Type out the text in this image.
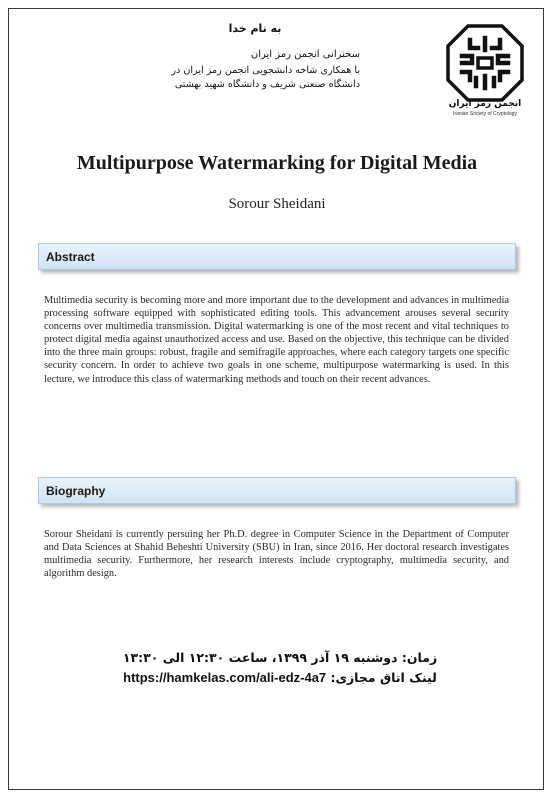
به نام خدا
سخنرانی انجمن رمز ایران
با همکاری شاخه دانشجویی انجمن رمز ایران در دانشگاه صنعتی شریف و دانشگاه شهید بهشتی
انجمن رمز ایران
Iranian Society of Cryptology
Multipurpose Watermarking for Digital Media
Sorour Sheidani
Abstract
Multimedia security is becoming more and more important due to the development and advances in multimedia processing software equipped with sophisticated editing tools. This advancement arouses several security concerns over multimedia transmission. Digital watermarking is one of the most recent and vital techniques to protect digital media against unauthorized access and use. Based on the objective, this technique can be divided into the three main groups: robust, fragile and semifragile approaches, where each category targets one specific security concern. In order to achieve two goals in one scheme, multipurpose watermarking is used. In this lecture, we introduce this class of watermarking methods and touch on their recent advances.
Biography
Sorour Sheidani is currently persuing her Ph.D. degree in Computer Science in the Department of Computer and Data Sciences at Shahid Beheshti University (SBU) in Iran, since 2016. Her doctoral research investigates multimedia security. Furthermore, her research interests include cryptography, multimedia security, and algorithm design.
زمان: دوشنبه ۱۹ آذر ۱۳۹۹، ساعت ۱۲:۳۰ الی ۱۳:۳۰
لینک اتاق مجازی: https://hamkelas.com/ali-edz-4a7
